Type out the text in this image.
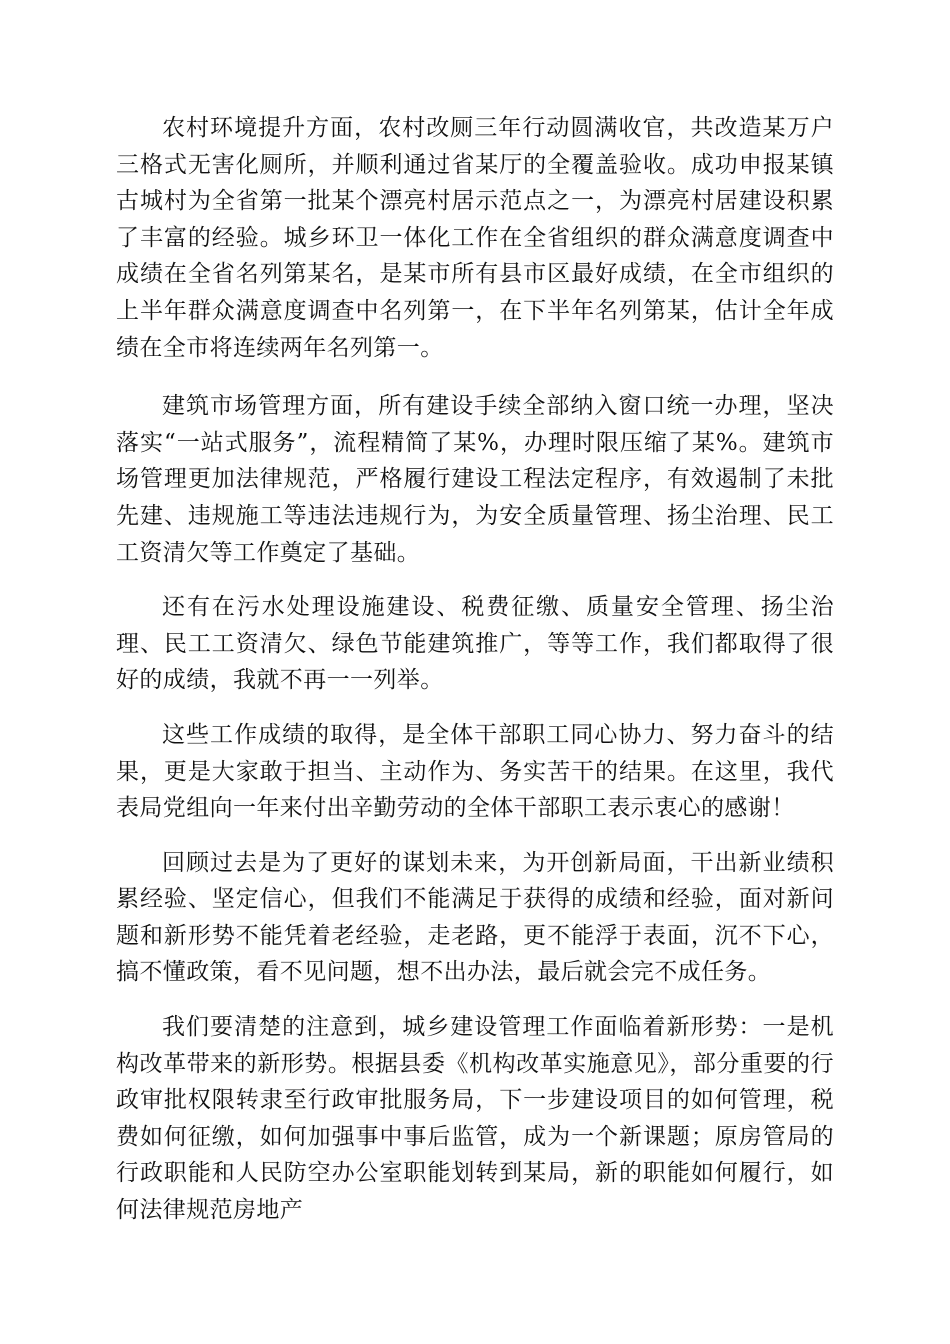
农村环境提升方面，农村改厕三年行动圆满收官，共改造某万户三格式无害化厕所，并顺利通过省某厅的全覆盖验收。成功申报某镇古城村为全省第一批某个漂亮村居示范点之一，为漂亮村居建设积累了丰富的经验。城乡环卫一体化工作在全省组织的群众满意度调查中成绩在全省名列第某名，是某市所有县市区最好成绩，在全市组织的上半年群众满意度调查中名列第一，在下半年名列第某，估计全年成绩在全市将连续两年名列第一。

建筑市场管理方面，所有建设手续全部纳入窗口统一办理，坚决落实“一站式服务”，流程精简了某%，办理时限压缩了某%。建筑市场管理更加法律规范，严格履行建设工程法定程序，有效遏制了未批先建、违规施工等违法违规行为，为安全质量管理、扬尘治理、民工工资清欠等工作奠定了基础。

还有在污水处理设施建设、税费征缴、质量安全管理、扬尘治理、民工工资清欠、绿色节能建筑推广，等等工作，我们都取得了很好的成绩，我就不再一一列举。

这些工作成绩的取得，是全体干部职工同心协力、努力奋斗的结果，更是大家敢于担当、主动作为、务实苦干的结果。在这里，我代表局党组向一年来付出辛勤劳动的全体干部职工表示衷心的感谢！

回顾过去是为了更好的谋划未来，为开创新局面，干出新业绩积累经验、坚定信心，但我们不能满足于获得的成绩和经验，面对新问题和新形势不能凭着老经验，走老路，更不能浮于表面，沉不下心，搞不懂政策，看不见问题，想不出办法，最后就会完不成任务。

我们要清楚的注意到，城乡建设管理工作面临着新形势：一是机构改革带来的新形势。根据县委《机构改革实施意见》，部分重要的行政审批权限转隶至行政审批服务局，下一步建设项目的如何管理，税费如何征缴，如何加强事中事后监管，成为一个新课题；原房管局的行政职能和人民防空办公室职能划转到某局，新的职能如何履行，如何法律规范房地产
